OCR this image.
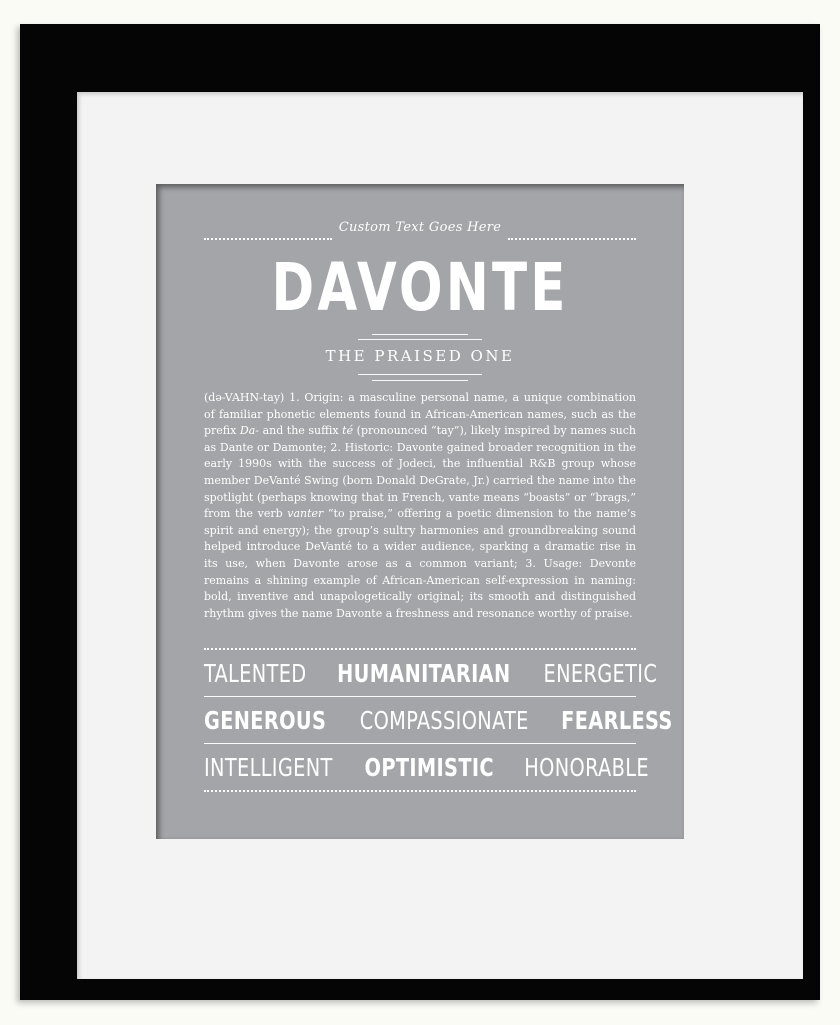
Custom Text Goes Here
DAVONTE
THE PRAISED ONE
(də-VAHN-tay) 1. Origin: a masculine personal name, a unique combination of familiar phonetic elements found in African-American names, such as the prefix Da- and the suffix té (pronounced “tay”), likely inspired by names such as Dante or Damonte; 2. Historic: Davonte gained broader recognition in the early 1990s with the success of Jodeci, the influential R&B group whose member DeVanté Swing (born Donald DeGrate, Jr.) carried the name into the spotlight (perhaps knowing that in French, vante means “boasts” or “brags,” from the verb vanter “to praise,” offering a poetic dimension to the name’s spirit and energy); the group’s sultry harmonies and groundbreaking sound helped introduce DeVanté to a wider audience, sparking a dramatic rise in its use, when Davonte arose as a common variant; 3. Usage: Devonte remains a shining example of African-American self-expression in naming: bold, inventive and unapologetically original; its smooth and distinguished rhythm gives the name Davonte a freshness and resonance worthy of praise.
TALENTED HUMANITARIAN ENERGETIC
GENEROUS COMPASSIONATE FEARLESS
INTELLIGENT OPTIMISTIC HONORABLE
